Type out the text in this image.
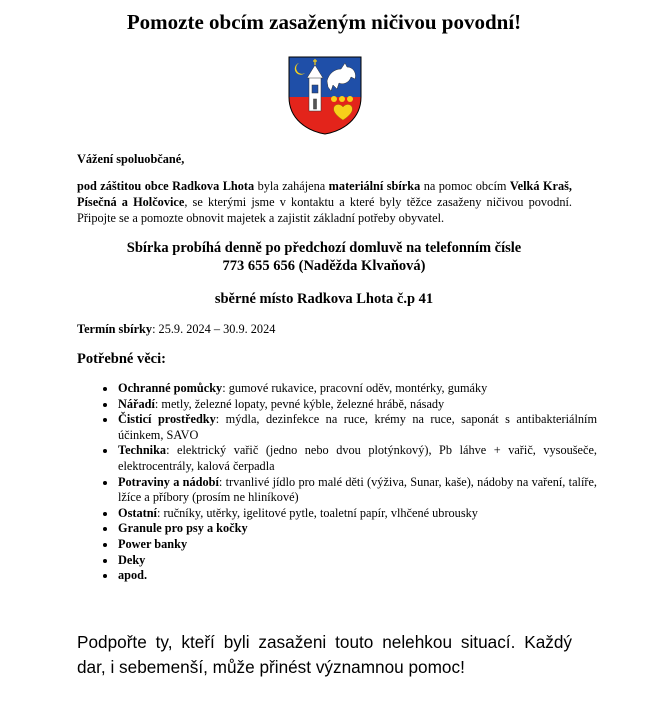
Pomozte obcím zasaženým ničivou povodní!
Vážení spoluobčané,
pod záštitou obce Radkova Lhota byla zahájena materiální sbírka na pomoc obcím Velká Kraš, Písečná a Holčovice, se kterými jsme v kontaktu a které byly těžce zasaženy ničivou povodní. Připojte se a pomozte obnovit majetek a zajistit základní potřeby obyvatel.
Sbírka probíhá denně po předchozí domluvě na telefonním čísle
773 655 656 (Naděžda Klvaňová)
sběrné místo Radkova Lhota č.p 41
Termín sbírky: 25.9. 2024 – 30.9. 2024
Potřebné věci:
• Ochranné pomůcky: gumové rukavice, pracovní oděv, montérky, gumáky
• Nářadí: metly, železné lopaty, pevné kýble, železné hrábě, násady
• Čisticí prostředky: mýdla, dezinfekce na ruce, krémy na ruce, saponát s antibakteriálním účinkem, SAVO
• Technika: elektrický vařič (jedno nebo dvou plotýnkový), Pb láhve + vařič, vysoušeče, elektrocentrály, kalová čerpadla
• Potraviny a nádobí: trvanlivé jídlo pro malé děti (výživa, Sunar, kaše), nádoby na vaření, talíře, lžíce a příbory (prosím ne hliníkové)
• Ostatní: ručníky, utěrky, igelitové pytle, toaletní papír, vlhčené ubrousky
• Granule pro psy a kočky
• Power banky
• Deky
• apod.
Podpořte ty, kteří byli zasaženi touto nelehkou situací. Každý dar, i sebemenší, může přinést významnou pomoc!
